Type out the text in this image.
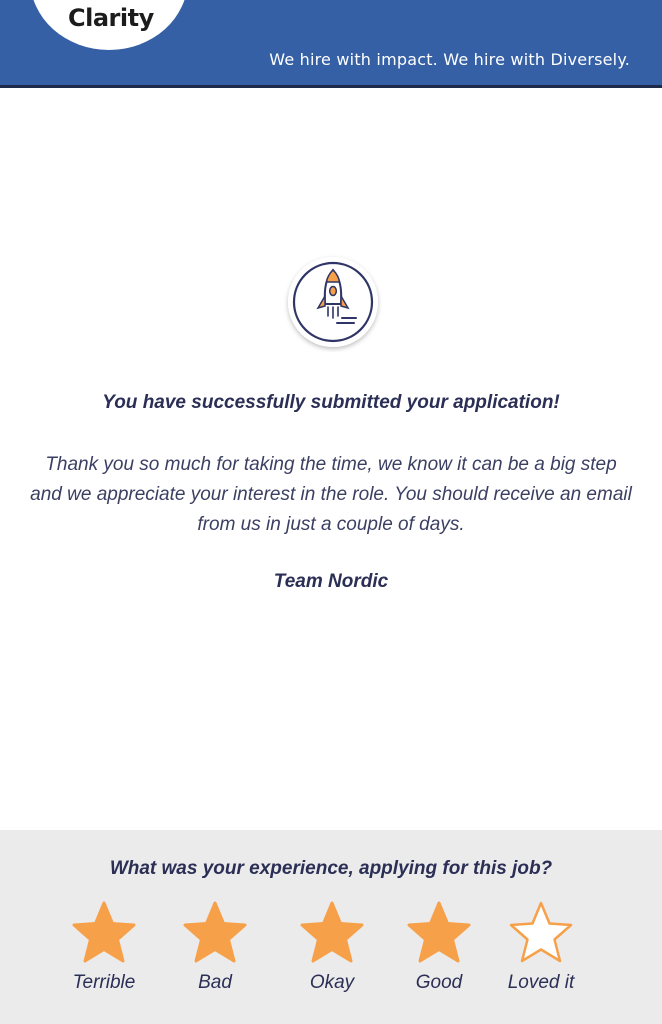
Clarity
We hire with impact. We hire with Diversely.
You have successfully submitted your application!
Thank you so much for taking the time, we know it can be a big step and we appreciate your interest in the role. You should receive an email from us in just a couple of days.
Team Nordic
What was your experience, applying for this job?
Terrible	Bad	Okay	Good	Loved it
